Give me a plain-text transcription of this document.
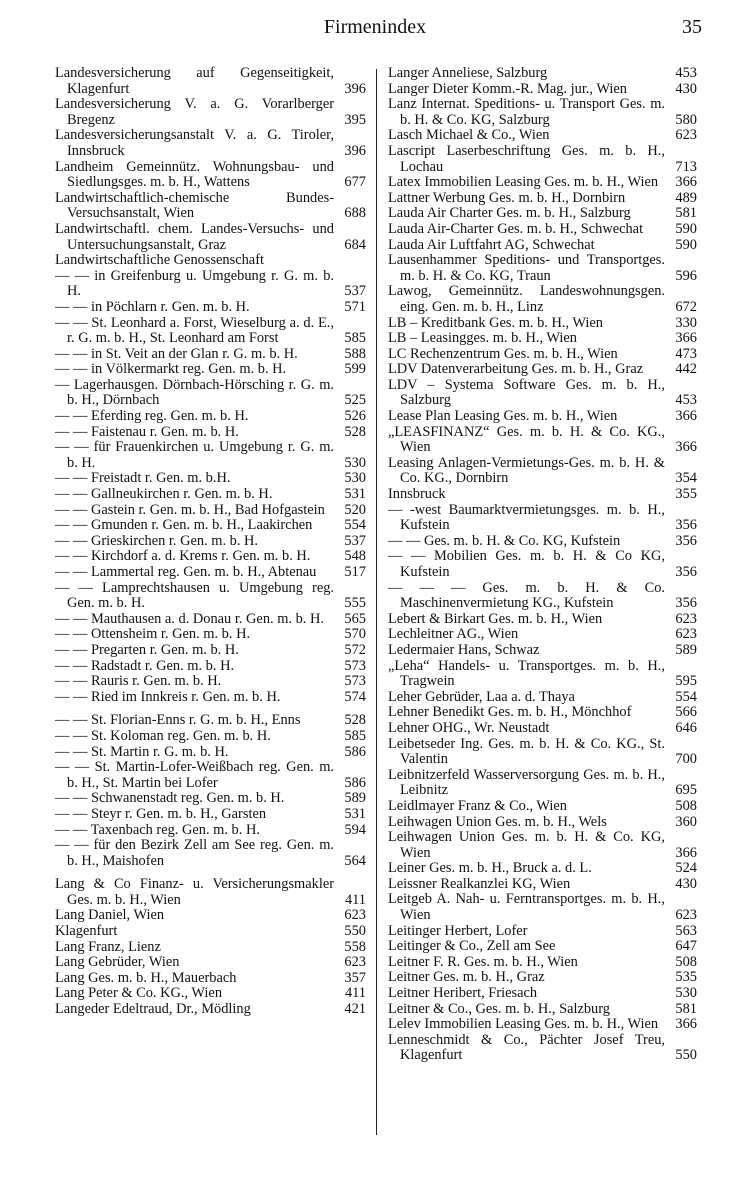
Firmenindex	35
Landesversicherung auf Gegenseitigkeit, Klagenfurt	396
Landesversicherung V. a. G. Vorarlberger Bregenz	395
Landesversicherungsanstalt V. a. G. Tiroler, Innsbruck	396
Landheim Gemeinnütz. Wohnungsbau- und Siedlungsges. m. b. H., Wattens	677
Landwirtschaftlich-chemische Bundes-Versuchsanstalt, Wien	688
Landwirtschaftl. chem. Landes-Versuchs- und Untersuchungsanstalt, Graz	684
Landwirtschaftliche Genossenschaft
— — in Greifenburg u. Umgebung r. G. m. b. H.	537
— — in Pöchlarn r. Gen. m. b. H.	571
— — St. Leonhard a. Forst, Wieselburg a. d. E., r. G. m. b. H., St. Leonhard am Forst	585
— — in St. Veit an der Glan r. G. m. b. H.	588
— — in Völkermarkt reg. Gen. m. b. H.	599
— Lagerhausgen. Dörnbach-Hörsching r. G. m. b. H., Dörnbach	525
— — Eferding reg. Gen. m. b. H.	526
— — Faistenau r. Gen. m. b. H.	528
— — für Frauenkirchen u. Umgebung r. G. m. b. H.	530
— — Freistadt r. Gen. m. b.H.	530
— — Gallneukirchen r. Gen. m. b. H.	531
— — Gastein r. Gen. m. b. H., Bad Hofgastein 520
— — Gmunden r. Gen. m. b. H., Laakirchen 554
— — Grieskirchen r. Gen. m. b. H.	537
— — Kirchdorf a. d. Krems r. Gen. m. b. H. 548
— — Lammertal reg. Gen. m. b. H., Abtenau 517
— — Lamprechtshausen u. Umgebung reg. Gen. m. b. H.	555
— — Mauthausen a. d. Donau r. Gen. m. b. H. 565
— — Ottensheim r. Gen. m. b. H.	570
— — Pregarten r. Gen. m. b. H.	572
— — Radstadt r. Gen. m. b. H.	573
— — Rauris r. Gen. m. b. H.	573
— — Ried im Innkreis r. Gen. m. b. H.	574
— — St. Florian-Enns r. G. m. b. H., Enns	528
— — St. Koloman reg. Gen. m. b. H.	585
— — St. Martin r. G. m. b. H.	586
— — St. Martin-Lofer-Weißbach reg. Gen. m. b. H., St. Martin bei Lofer	586
— — Schwanenstadt reg. Gen. m. b. H.	589
— — Steyr r. Gen. m. b. H., Garsten	531
— — Taxenbach reg. Gen. m. b. H.	594
— — für den Bezirk Zell am See reg. Gen. m. b. H., Maishofen	564
Lang & Co Finanz- u. Versicherungsmakler Ges. m. b. H., Wien	411
Lang Daniel, Wien	623
Klagenfurt	550
Lang Franz, Lienz	558
Lang Gebrüder, Wien	623
Lang Ges. m. b. H., Mauerbach	357
Lang Peter & Co. KG., Wien	411
Langeder Edeltraud, Dr., Mödling	421
Langer Anneliese, Salzburg	453
Langer Dieter Komm.-R. Mag. jur., Wien	430
Lanz Internat. Speditions- u. Transport Ges. m. b. H. & Co. KG, Salzburg	580
Lasch Michael & Co., Wien	623
Lascript Laserbeschriftung Ges. m. b. H., Lochau	713
Latex Immobilien Leasing Ges. m. b. H., Wien 366
Lattner Werbung Ges. m. b. H., Dornbirn	489
Lauda Air Charter Ges. m. b. H., Salzburg	581
Lauda Air-Charter Ges. m. b. H., Schwechat 590
Lauda Air Luftfahrt AG, Schwechat	590
Lausenhammer Speditions- und Transportges. m. b. H. & Co. KG, Traun	596
Lawog, Gemeinnütz. Landeswohnungsgen. eing. Gen. m. b. H., Linz	672
LB – Kreditbank Ges. m. b. H., Wien	330
LB – Leasingges. m. b. H., Wien	366
LC Rechenzentrum Ges. m. b. H., Wien	473
LDV Datenverarbeitung Ges. m. b. H., Graz 442
LDV – Systema Software Ges. m. b. H., Salzburg	453
Lease Plan Leasing Ges. m. b. H., Wien	366
„LEASFINANZ“ Ges. m. b. H. & Co. KG., Wien	366
Leasing Anlagen-Vermietungs-Ges. m. b. H. & Co. KG., Dornbirn	354
Innsbruck	355
— -west Baumarktvermietungsges. m. b. H., Kufstein	356
— — Ges. m. b. H. & Co. KG, Kufstein	356
— — Mobilien Ges. m. b. H. & Co KG, Kufstein	356
— — — Ges. m. b. H. & Co. Maschinenvermietung KG., Kufstein	356
Lebert & Birkart Ges. m. b. H., Wien	623
Lechleitner AG., Wien	623
Ledermaier Hans, Schwaz	589
„Leha“ Handels- u. Transportges. m. b. H., Tragwein	595
Leher Gebrüder, Laa a. d. Thaya	554
Lehner Benedikt Ges. m. b. H., Mönchhof	566
Lehner OHG., Wr. Neustadt	646
Leibetseder Ing. Ges. m. b. H. & Co. KG., St. Valentin	700
Leibnitzerfeld Wasserversorgung Ges. m. b. H., Leibnitz	695
Leidlmayer Franz & Co., Wien	508
Leihwagen Union Ges. m. b. H., Wels	360
Leihwagen Union Ges. m. b. H. & Co. KG, Wien	366
Leiner Ges. m. b. H., Bruck a. d. L.	524
Leissner Realkanzlei KG, Wien	430
Leitgeb A. Nah- u. Ferntransportges. m. b. H., Wien	623
Leitinger Herbert, Lofer	563
Leitinger & Co., Zell am See	647
Leitner F. R. Ges. m. b. H., Wien	508
Leitner Ges. m. b. H., Graz	535
Leitner Heribert, Friesach	530
Leitner & Co., Ges. m. b. H., Salzburg	581
Lelev Immobilien Leasing Ges. m. b. H., Wien 366
Lenneschmidt & Co., Pächter Josef Treu, Klagenfurt	550
